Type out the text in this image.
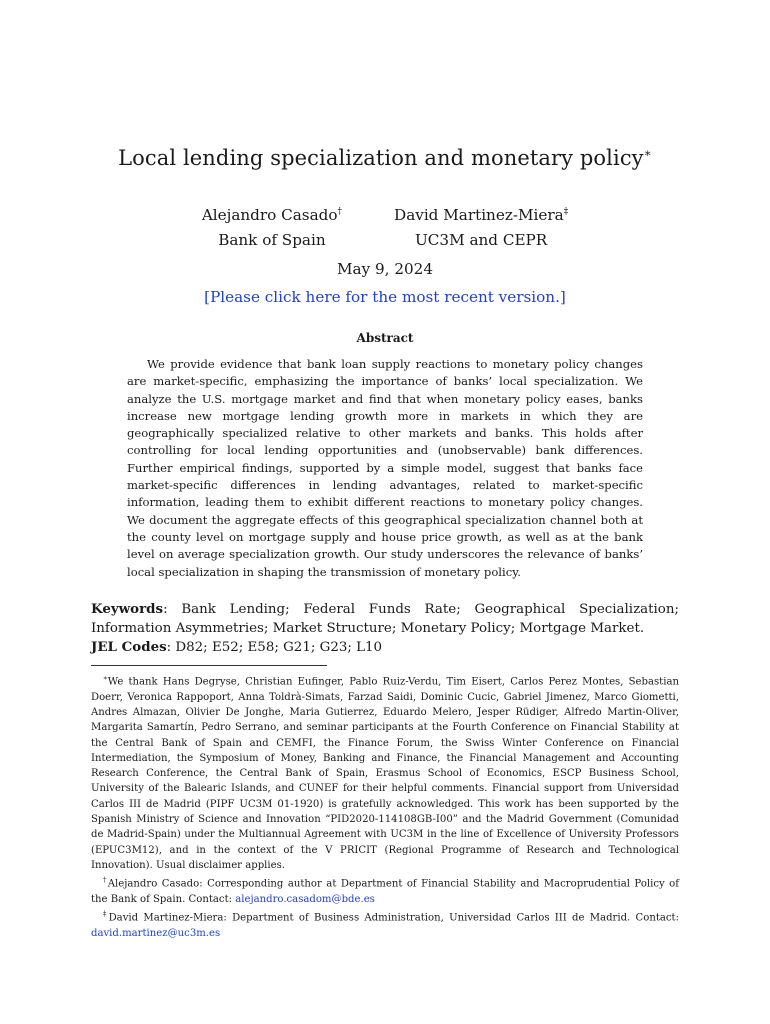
Local lending specialization and monetary policy∗
Alejandro Casado†
Bank of Spain
David Martinez-Miera‡
UC3M and CEPR
May 9, 2024
[Please click here for the most recent version.]
Abstract

We provide evidence that bank loan supply reactions to monetary policy changes are market-specific, emphasizing the importance of banks’ local specialization. We analyze the U.S. mortgage market and find that when monetary policy eases, banks increase new mortgage lending growth more in markets in which they are geographically specialized relative to other markets and banks. This holds after controlling for local lending opportunities and (unobservable) bank differences. Further empirical findings, supported by a simple model, suggest that banks face market-specific differences in lending advantages, related to market-specific information, leading them to exhibit different reactions to monetary policy changes. We document the aggregate effects of this geographical specialization channel both at the county level on mortgage supply and house price growth, as well as at the bank level on average specialization growth. Our study underscores the relevance of banks’ local specialization in shaping the transmission of monetary policy.

Keywords: Bank Lending; Federal Funds Rate; Geographical Specialization; Information Asymmetries; Market Structure; Monetary Policy; Mortgage Market.

JEL Codes: D82; E52; E58; G21; G23; L10

∗We thank Hans Degryse, Christian Eufinger, Pablo Ruiz-Verdu, Tim Eisert, Carlos Perez Montes, Sebastian Doerr, Veronica Rappoport, Anna Toldrà-Simats, Farzad Saidi, Dominic Cucic, Gabriel Jimenez, Marco Giometti, Andres Almazan, Olivier De Jonghe, Maria Gutierrez, Eduardo Melero, Jesper Rüdiger, Alfredo Martin-Oliver, Margarita Samartín, Pedro Serrano, and seminar participants at the Fourth Conference on Financial Stability at the Central Bank of Spain and CEMFI, the Finance Forum, the Swiss Winter Conference on Financial Intermediation, the Symposium of Money, Banking and Finance, the Financial Management and Accounting Research Conference, the Central Bank of Spain, Erasmus School of Economics, ESCP Business School, University of the Balearic Islands, and CUNEF for their helpful comments. Financial support from Universidad Carlos III de Madrid (PIPF UC3M 01-1920) is gratefully acknowledged. This work has been supported by the Spanish Ministry of Science and Innovation “PID2020-114108GB-I00” and the Madrid Government (Comunidad de Madrid-Spain) under the Multiannual Agreement with UC3M in the line of Excellence of University Professors (EPUC3M12), and in the context of the V PRICIT (Regional Programme of Research and Technological Innovation). Usual disclaimer applies.

†Alejandro Casado: Corresponding author at Department of Financial Stability and Macroprudential Policy of the Bank of Spain. Contact: alejandro.casadom@bde.es

‡David Martinez-Miera: Department of Business Administration, Universidad Carlos III de Madrid. Contact: david.martinez@uc3m.es
